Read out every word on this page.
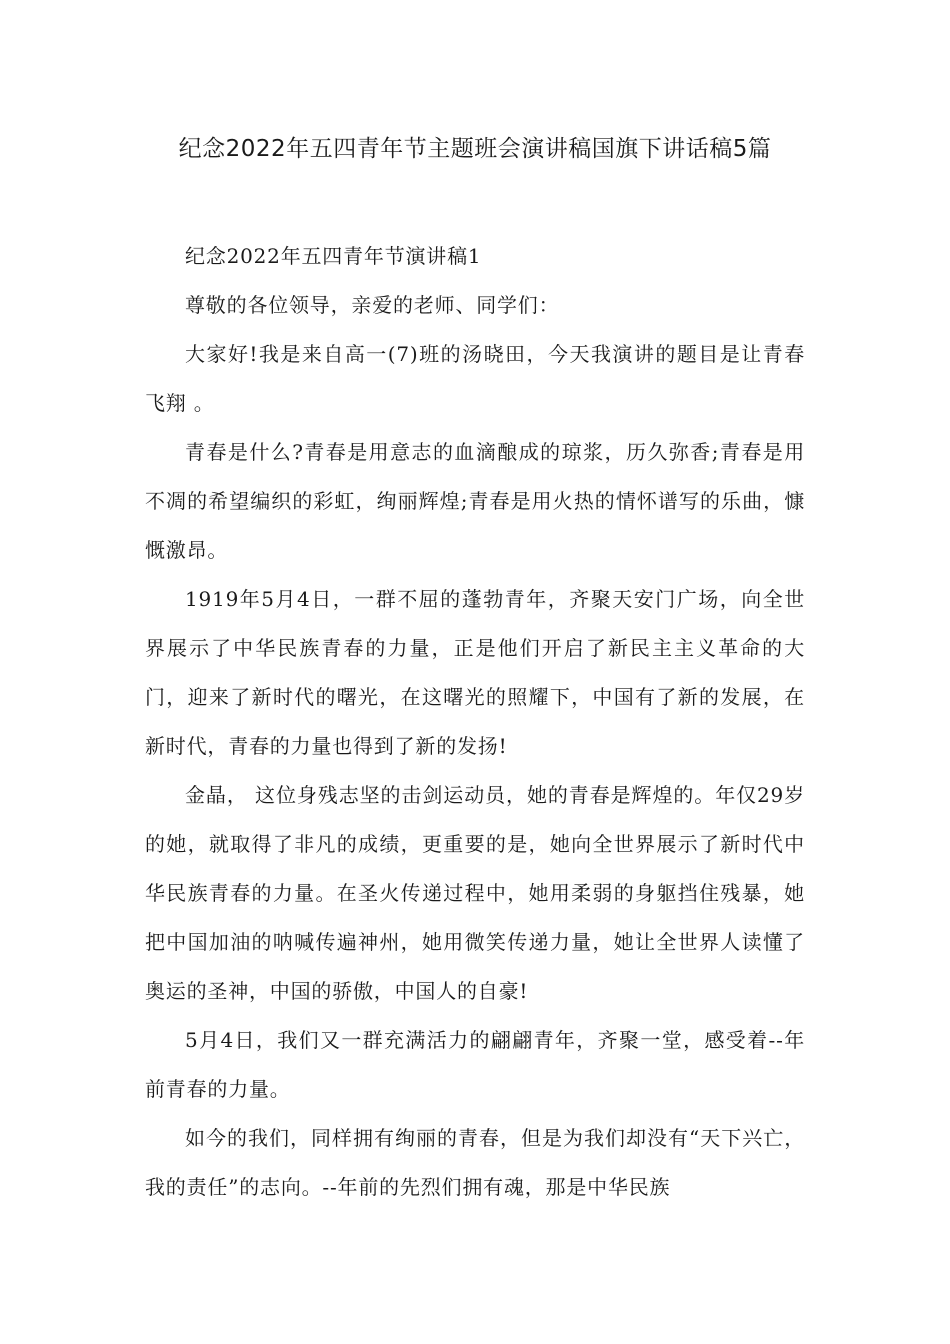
纪念2022年五四青年节主题班会演讲稿国旗下讲话稿5篇

纪念2022年五四青年节演讲稿1

尊敬的各位领导，亲爱的老师、同学们：

大家好!我是来自高一(7)班的汤晓田，今天我演讲的题目是让青春飞翔 。

青春是什么?青春是用意志的血滴酿成的琼浆，历久弥香;青春是用不凋的希望编织的彩虹，绚丽辉煌;青春是用火热的情怀谱写的乐曲，慷慨激昂。

1919年5月4日，一群不屈的蓬勃青年，齐聚天安门广场，向全世界展示了中华民族青春的力量，正是他们开启了新民主主义革命的大门，迎来了新时代的曙光，在这曙光的照耀下，中国有了新的发展，在新时代，青春的力量也得到了新的发扬!

金晶， 这位身残志坚的击剑运动员，她的青春是辉煌的。年仅29岁的她，就取得了非凡的成绩，更重要的是，她向全世界展示了新时代中华民族青春的力量。在圣火传递过程中，她用柔弱的身躯挡住残暴，她把中国加油的呐喊传遍神州，她用微笑传递力量，她让全世界人读懂了奥运的圣神，中国的骄傲，中国人的自豪!

5月4日，我们又一群充满活力的翩翩青年，齐聚一堂，感受着--年前青春的力量。

如今的我们，同样拥有绚丽的青春，但是为我们却没有“天下兴亡，我的责任”的志向。--年前的先烈们拥有魂，那是中华民族
